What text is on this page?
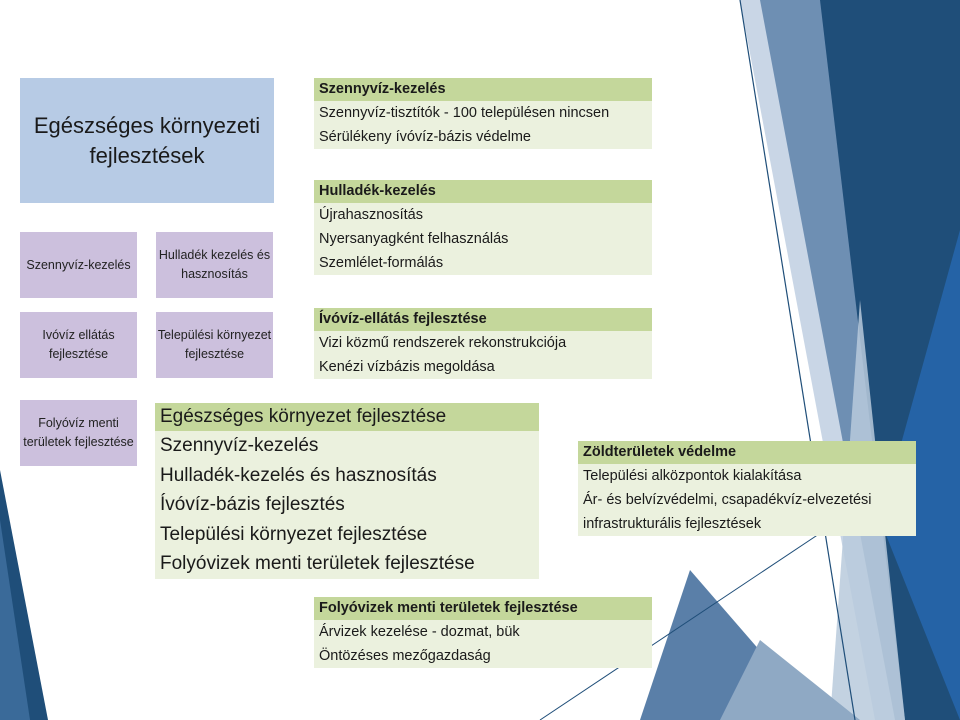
Egészséges környezeti fejlesztések
Szennyvíz-kezelés
Hulladék kezelés és hasznosítás
Ivóvíz ellátás fejlesztése
Települési környezet fejlesztése
Folyóvíz menti területek fejlesztése
Szennyvíz-kezelés
Szennyvíz-tisztítók - 100 településen nincsen
Sérülékeny ívóvíz-bázis védelme
Hulladék-kezelés
Újrahasznosítás
Nyersanyagként felhasználás
Szemlélet-formálás
Ívóvíz-ellátás fejlesztése
Vizi közmű rendszerek rekonstrukciója
Kenézi vízbázis megoldása
Egészséges környezet fejlesztése
Szennyvíz-kezelés
Hulladék-kezelés és hasznosítás
Ívóvíz-bázis fejlesztés
Települési környezet fejlesztése
Folyóvizek menti területek fejlesztése
Zöldterületek védelme
Települési alközpontok kialakítása
Ár- és belvízvédelmi, csapadékvíz-elvezetési
infrastrukturális fejlesztések
Folyóvizek menti területek fejlesztése
Árvizek kezelése - dozmat, bük
Öntözéses mezőgazdaság
